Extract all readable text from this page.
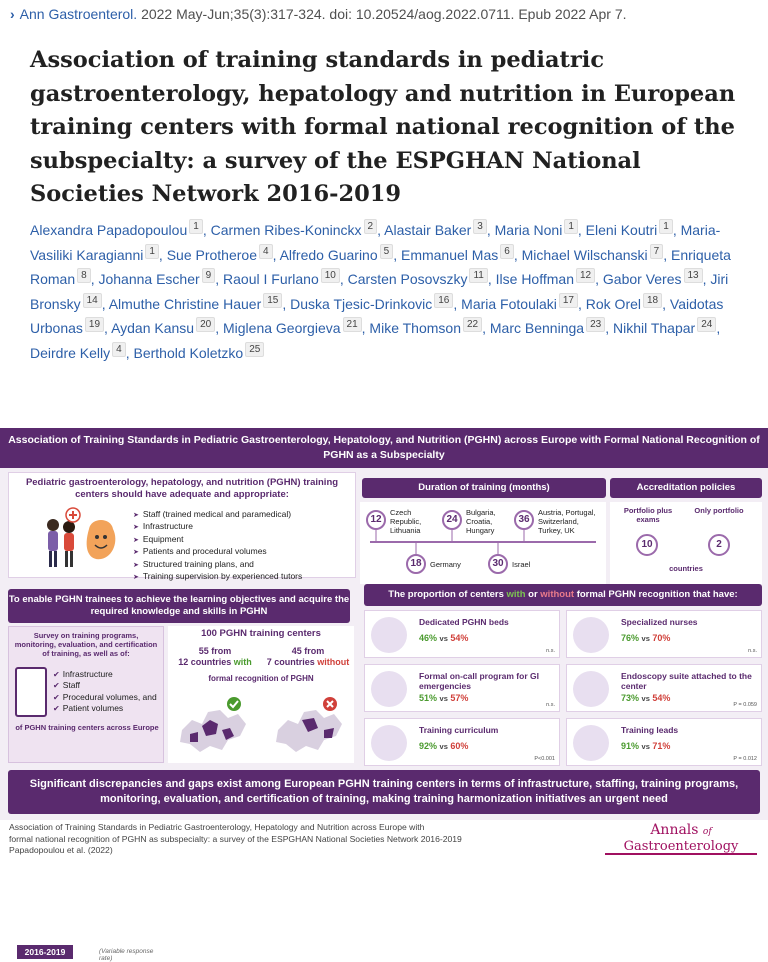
› Ann Gastroenterol. 2022 May-Jun;35(3):317-324. doi: 10.20524/aog.2022.0711. Epub 2022 Apr 7.
Association of training standards in pediatric gastroenterology, hepatology and nutrition in European training centers with formal national recognition of the subspecialty: a survey of the ESPGHAN National Societies Network 2016-2019
Alexandra Papadopoulou $^1$ , Carmen Ribes-Koninckx $^2$ , Alastair Baker $^3$ , Maria Noni $^1$ , Eleni Koutri $^1$ , Maria-Vasiliki Karagianni $^1$ , Sue Protheroe $^4$ , Alfredo Guarino $^5$ , Emmanuel Mas $^6$ , Michael Wilschanski $^7$ , Enriqueta Roman $^8$ , Johanna Escher $^9$ , Raoul I Furlano $^{10}$ , Carsten Posovszky $^{11}$ , Ilse Hoffman $^{12}$ , Gabor Veres $^{13}$ , Jiri Bronsky $^{14}$ , Almuthe Christine Hauer $^{15}$ , Duska Tjesic-Drinkovic $^{16}$ , Maria Fotoulaki $^{17}$ , Rok Orel $^{18}$ , Vaidotas Urbonas $^{19}$ , Aydan Kansu $^{20}$ , Miglena Georgieva $^{21}$ , Mike Thomson $^{22}$ , Marc Benninga $^{23}$ , Nikhil Thapar $^{24}$ , Deirdre Kelly $^4$ , Berthold Koletzko $^{25}$
Association of Training Standards in Pediatric Gastroenterology, Hepatology, and Nutrition (PGHN) across Europe with Formal National Recognition of PGHN as a Subspecialty
Pediatric gastroenterology, hepatology, and nutrition (PGHN) training centers should have adequate and appropriate:
➤ Staff (trained medical and paramedical)
➤ Infrastructure
➤ Equipment
➤ Patients and procedural volumes
➤ Structured training plans, and
➤ Training supervision by experienced tutors
To enable PGHN trainees to achieve the learning objectives and acquire the required knowledge and skills in PGHN
Survey on training programs, monitoring, evaluation, and certification of training, as well as of:
✔ Infrastructure
✔ Staff
✔ Procedural volumes, and
✔ Patient volumes
of PGHN training centers across Europe
2016-2019	(Variable response rate)
100 PGHN training centers
55 from
12 countries with
45 from
7 countries without
formal recognition of PGHN
Duration of training (months)
12
Czech Republic, Lithuania
24
Bulgaria, Croatia, Hungary
36
Austria, Portugal, Switzerland, Turkey, UK
18	Germany	30	Israel
Accreditation policies
Portfolio plus exams
Only portfolio
10	2
countries
The proportion of centers with or without formal PGHN recognition that have:
Dedicated PGHN beds
46% vs 54%
n.s.
Specialized nurses
76% vs 70%
n.s.
Formal on-call program for GI emergencies
51% vs 57%
n.s.
Endoscopy suite attached to the center
73% vs 54%
P = 0.059
Training curriculum
92% vs 60%
P<0.001
Training leads
91% vs 71%
P = 0.012
Significant discrepancies and gaps exist among European PGHN training centers in terms of infrastructure, staffing, training programs, monitoring, evaluation, and certification of training, making training harmonization initiatives an urgent need
Association of Training Standards in Pediatric Gastroenterology, Hepatology and Nutrition across Europe with
formal national recognition of PGHN as subspecialty: a survey of the ESPGHAN National Societies Network 2016-2019
Papadopoulou et al. (2022)
Annals of
Gastroenterology
